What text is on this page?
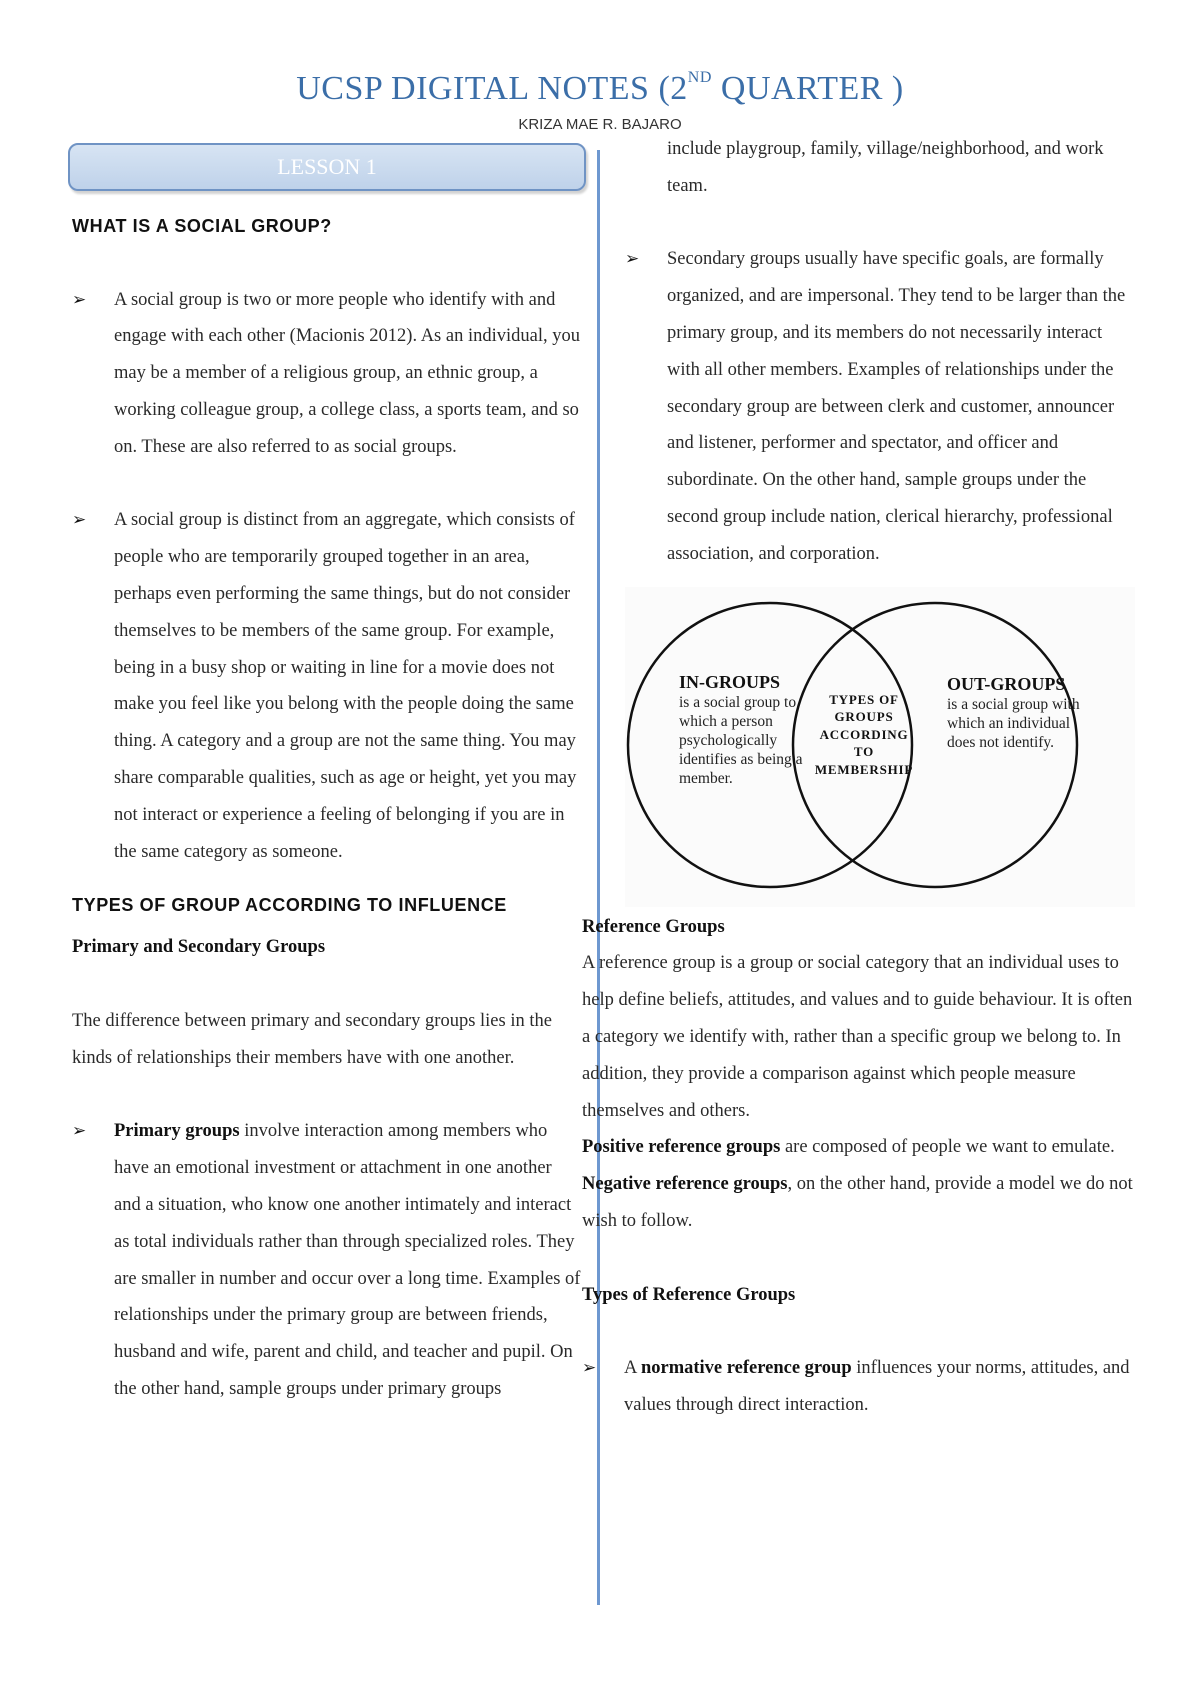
UCSP DIGITAL NOTES (2ND QUARTER )
KRIZA MAE R. BAJARO
LESSON 1
WHAT IS A SOCIAL GROUP?
➢ A social group is two or more people who identify with and engage with each other (Macionis 2012). As an individual, you may be a member of a religious group, an ethnic group, a working colleague group, a college class, a sports team, and so on. These are also referred to as social groups.
➢ A social group is distinct from an aggregate, which consists of people who are temporarily grouped together in an area, perhaps even performing the same things, but do not consider themselves to be members of the same group. For example, being in a busy shop or waiting in line for a movie does not make you feel like you belong with the people doing the same thing. A category and a group are not the same thing. You may share comparable qualities, such as age or height, yet you may not interact or experience a feeling of belonging if you are in the same category as someone.
TYPES OF GROUP ACCORDING TO INFLUENCE
Primary and Secondary Groups
The difference between primary and secondary groups lies in the kinds of relationships their members have with one another.
➢ Primary groups involve interaction among members who have an emotional investment or attachment in one another and a situation, who know one another intimately and interact as total individuals rather than through specialized roles. They are smaller in number and occur over a long time. Examples of relationships under the primary group are between friends, husband and wife, parent and child, and teacher and pupil. On the other hand, sample groups under primary groups
include playgroup, family, village/neighborhood, and work team.
➢ Secondary groups usually have specific goals, are formally organized, and are impersonal. They tend to be larger than the primary group, and its members do not necessarily interact with all other members. Examples of relationships under the secondary group are between clerk and customer, announcer and listener, performer and spectator, and officer and subordinate. On the other hand, sample groups under the second group include nation, clerical hierarchy, professional association, and corporation.
IN-GROUPS
is a social group to which a person psychologically identifies as being a member.
TYPES OF GROUPS ACCORDING TO MEMBERSHIP
OUT-GROUPS
is a social group with which an individual does not identify.
Reference Groups
A reference group is a group or social category that an individual uses to help define beliefs, attitudes, and values and to guide behaviour. It is often a category we identify with, rather than a specific group we belong to. In addition, they provide a comparison against which people measure themselves and others.
Positive reference groups are composed of people we want to emulate.
Negative reference groups, on the other hand, provide a model we do not wish to follow.
Types of Reference Groups
➢ A normative reference group influences your norms, attitudes, and values through direct interaction.
